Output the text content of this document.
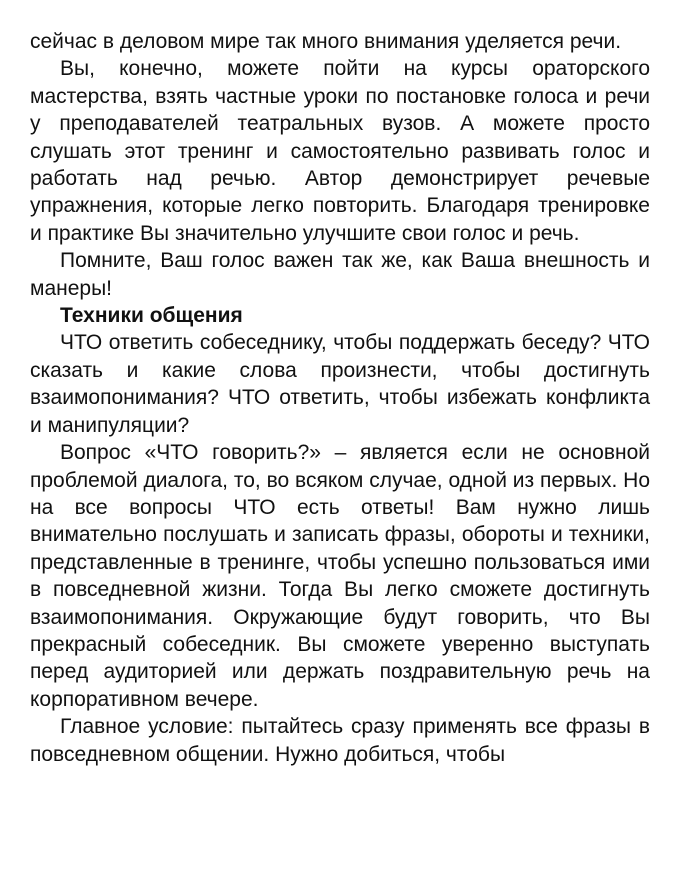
сейчас в деловом мире так много внимания уделяется речи.

Вы, конечно, можете пойти на курсы ораторского мастерства, взять частные уроки по постановке голоса и речи у преподавателей театральных вузов. А можете просто слушать этот тренинг и самостоятельно развивать голос и работать над речью. Автор демонстрирует речевые упражнения, которые легко повторить. Благодаря тренировке и практике Вы значительно улучшите свои голос и речь.

Помните, Ваш голос важен так же, как Ваша внешность и манеры!

Техники общения

ЧТО ответить собеседнику, чтобы поддержать беседу? ЧТО сказать и какие слова произнести, чтобы достигнуть взаимопонимания? ЧТО ответить, чтобы избежать конфликта и манипуляции?

Вопрос «ЧТО говорить?» – является если не основной проблемой диалога, то, во всяком случае, одной из первых. Но на все вопросы ЧТО есть ответы! Вам нужно лишь внимательно послушать и записать фразы, обороты и техники, представленные в тренинге, чтобы успешно пользоваться ими в повседневной жизни. Тогда Вы легко сможете достигнуть взаимопонимания. Окружающие будут говорить, что Вы прекрасный собеседник. Вы сможете уверенно выступать перед аудиторией или держать поздравительную речь на корпоративном вечере.

Главное условие: пытайтесь сразу применять все фразы в повседневном общении. Нужно добиться, чтобы
